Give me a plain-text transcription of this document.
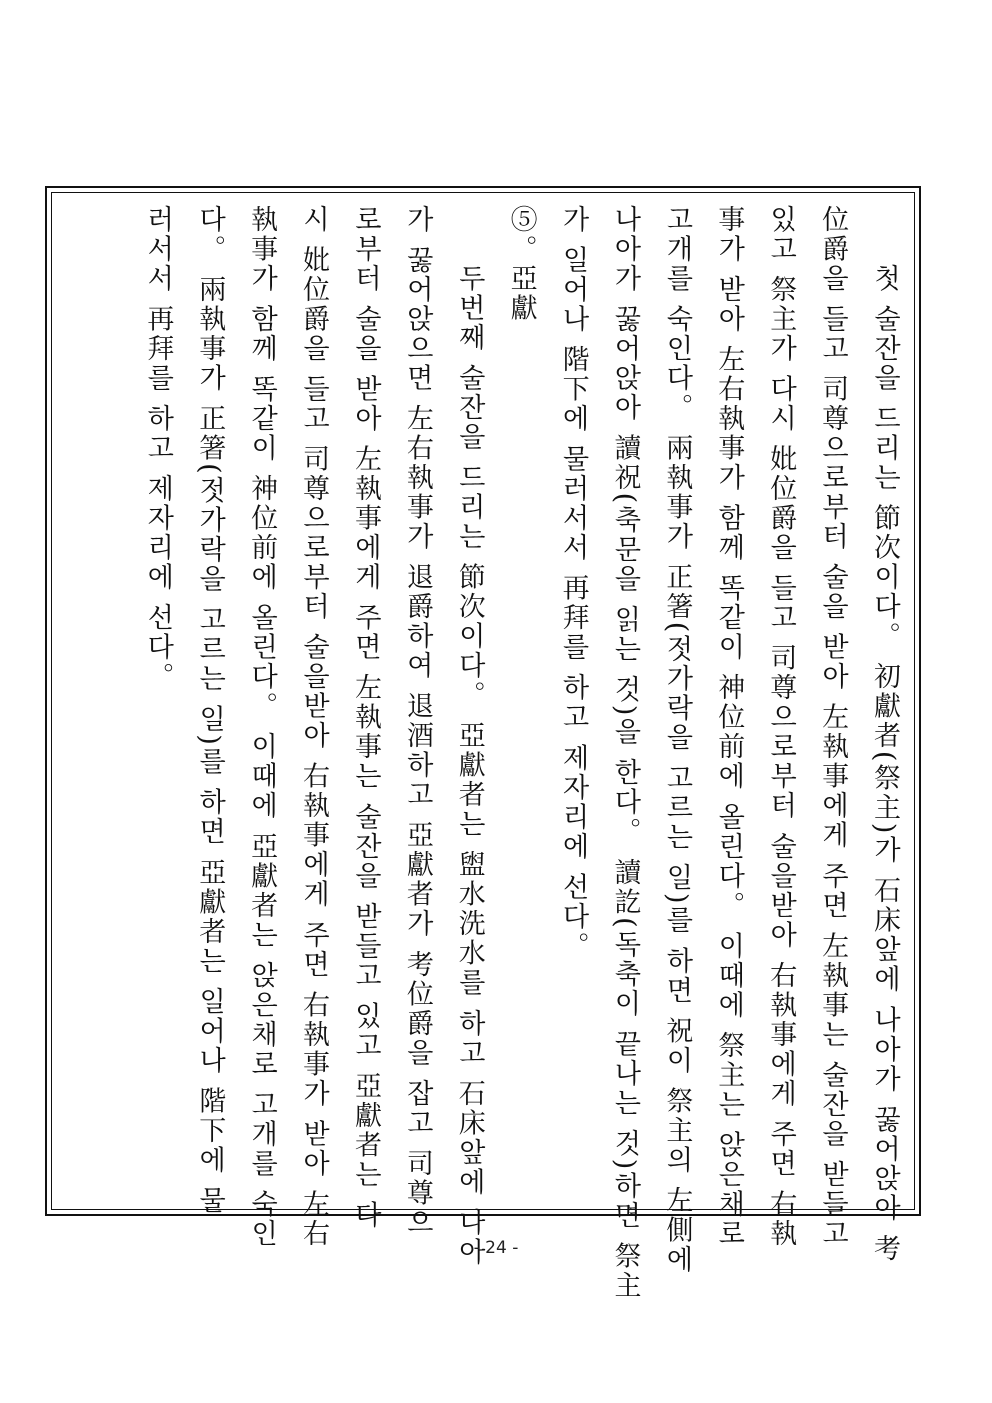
　　첫 술잔을 드리는 節次이다。 初獻者(祭主)가 石床앞에 나아가 꿇어앉아 考

位爵을 들고 司尊으로부터 술을 받아 左執事에게 주면 左執事는 술잔을 받들고

있고 祭主가 다시 妣位爵을 들고 司尊으로부터 술을받아 右執事에게 주면 右執

事가 받아 左右執事가 함께 똑같이 神位前에 올린다。 이때에 祭主는 앉은채로

고개를 숙인다。 兩執事가 正箸(젓가락을 고르는 일)를 하면 祝이 祭主의 左側에

나아가 꿇어앉아 讀祝(축문을 읽는 것)을 한다。 讀訖(독축이 끝나는 것)하면 祭主

가 일어나 階下에 물러서서 再拜를 하고 제자리에 선다。

⑤。亞獻

　　두번째 술잔을 드리는 節次이다。 亞獻者는 盥水洗水를 하고 石床앞에 나아

가 꿇어앉으면 左右執事가 退爵하여 退酒하고 亞獻者가 考位爵을 잡고 司尊으

로부터 술을 받아 左執事에게 주면 左執事는 술잔을 받들고 있고 亞獻者는 다

시 妣位爵을 들고 司尊으로부터 술을받아 右執事에게 주면 右執事가 받아 左右

執事가 함께 똑같이 神位前에 올린다。 이때에 亞獻者는 앉은채로 고개를 숙인

다。 兩執事가 正箸(젓가락을 고르는 일)를 하면 亞獻者는 일어나 階下에 물

러서서 再拜를 하고 제자리에 선다。

- 24 -
